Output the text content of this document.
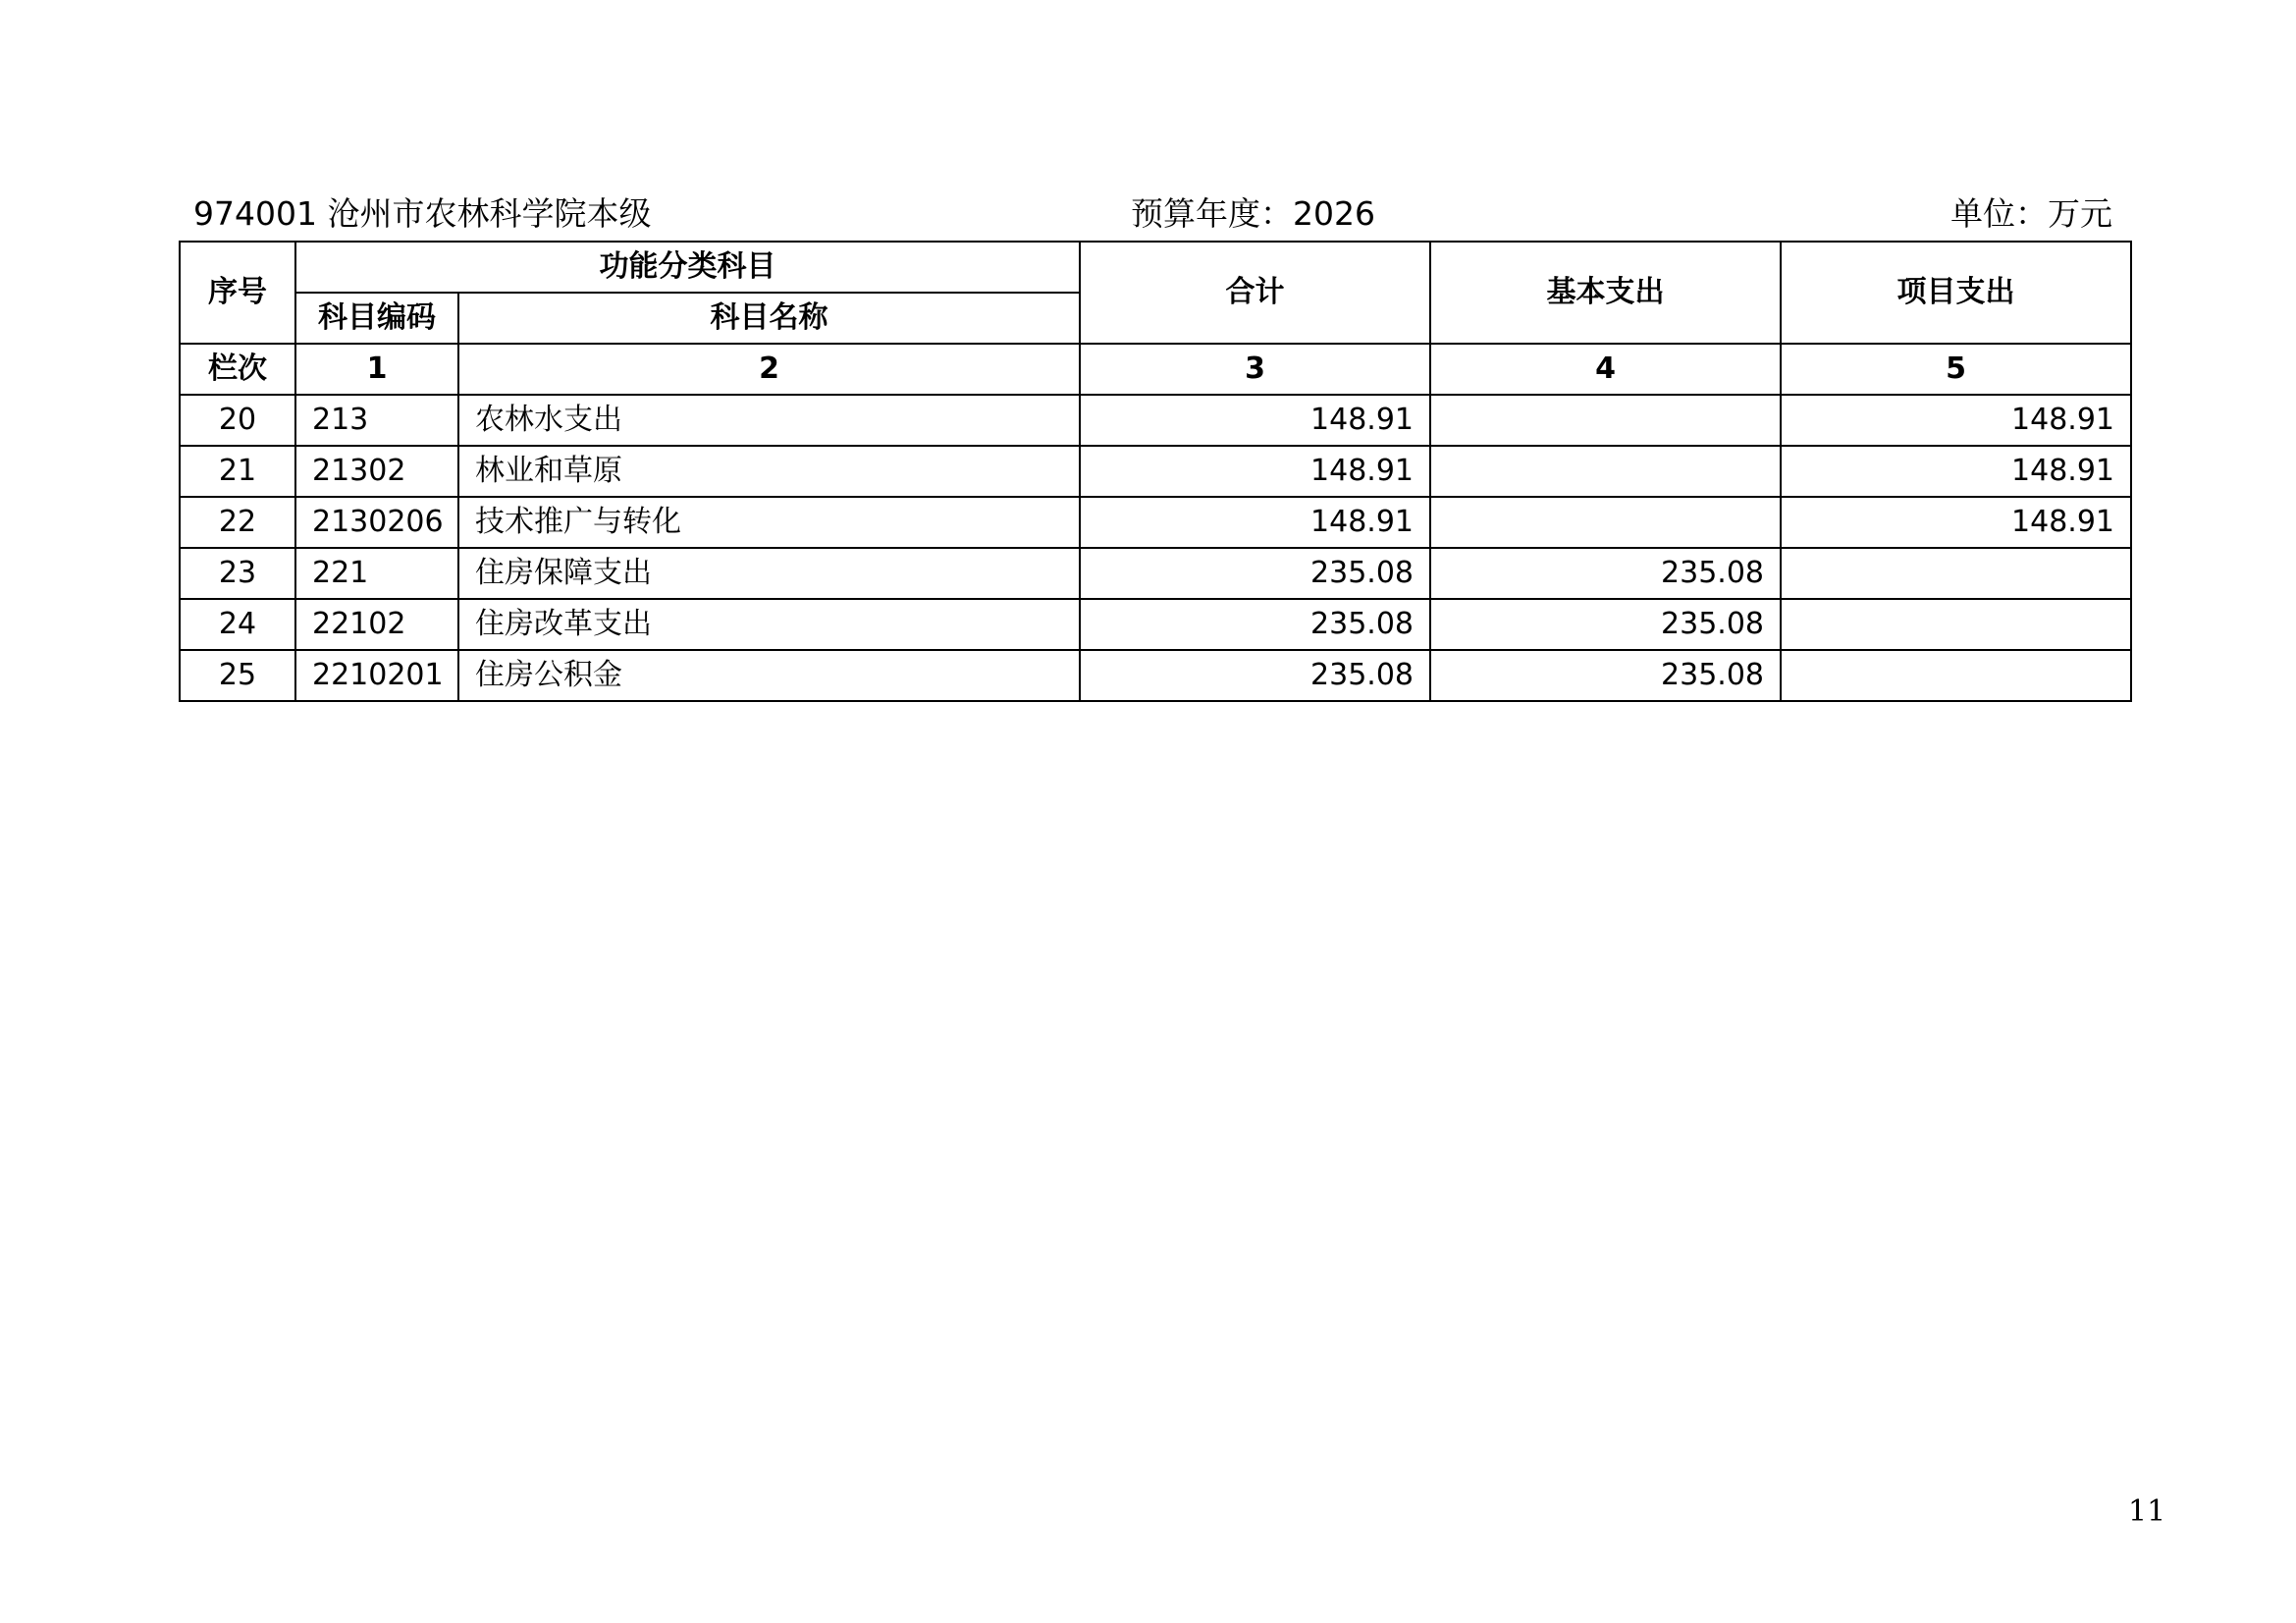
974001 沧州市农林科学院本级	预算年度：2026	单位：万元
序号	功能分类科目		合计	基本支出	项目支出
	科目编码	科目名称			
栏次	1	2	3	4	5
20	213	农林水支出	148.91		148.91
21	21302	林业和草原	148.91		148.91
22	2130206	技术推广与转化	148.91		148.91
23	221	住房保障支出	235.08	235.08	
24	22102	住房改革支出	235.08	235.08	
25	2210201	住房公积金	235.08	235.08	
11
